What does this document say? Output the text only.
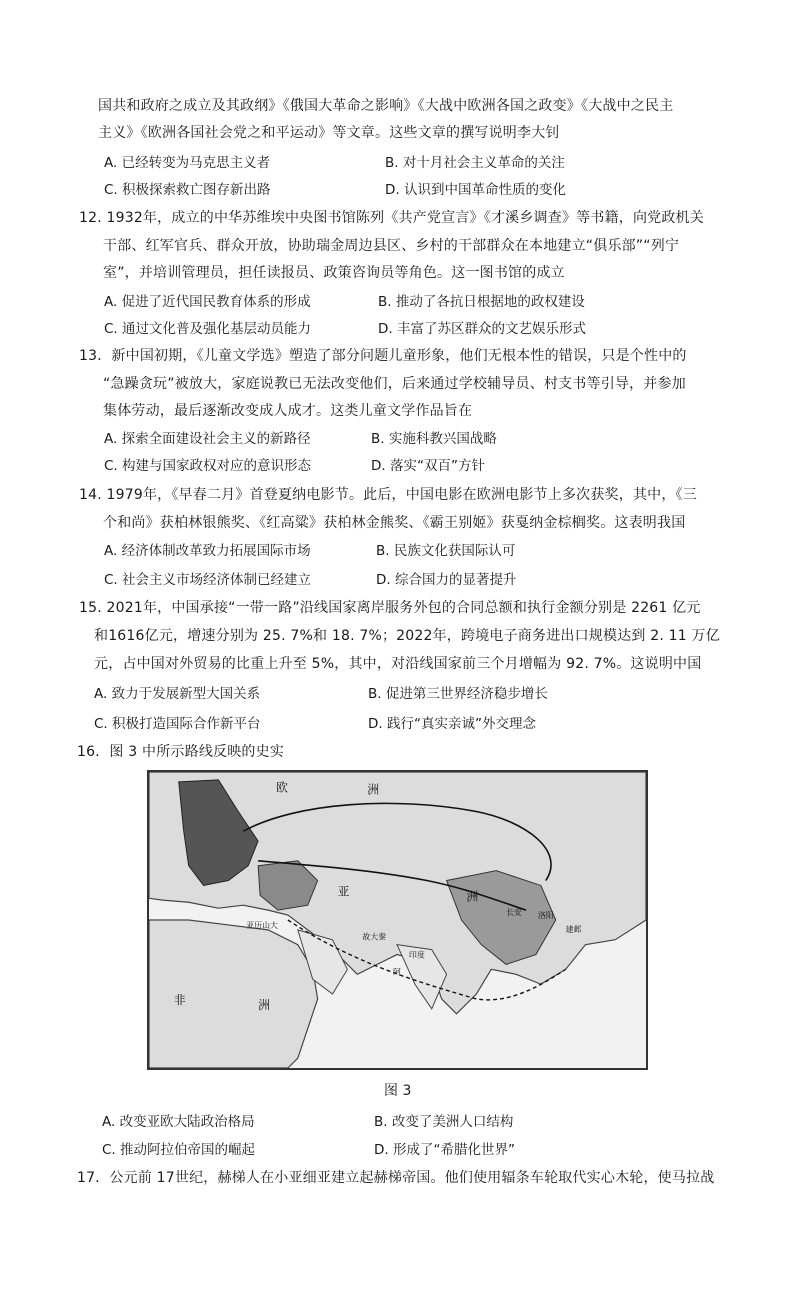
国共和政府之成立及其政纲》《俄国大革命之影响》《大战中欧洲各国之政变》《大战中之民主
主义》《欧洲各国社会党之和平运动》等文章。这些文章的撰写说明李大钊
A. 已经转变为马克思主义者	B. 对十月社会主义革命的关注
C. 积极探索救亡图存新出路	D. 认识到中国革命性质的变化
12. 1932年，成立的中华苏维埃中央图书馆陈列《共产党宣言》《才溪乡调查》等书籍，向党政机关
干部、红军官兵、群众开放，协助瑞金周边县区、乡村的干部群众在本地建立“俱乐部”“列宁
室”，并培训管理员，担任读报员、政策咨询员等角色。这一图书馆的成立
A. 促进了近代国民教育体系的形成	B. 推动了各抗日根据地的政权建设
C. 通过文化普及强化基层动员能力	D. 丰富了苏区群众的文艺娱乐形式
13．新中国初期，《儿童文学选》塑造了部分问题儿童形象，他们无根本性的错误，只是个性中的
“急躁贪玩”被放大，家庭说教已无法改变他们，后来通过学校辅导员、村支书等引导，并参加
集体劳动，最后逐渐改变成人成才。这类儿童文学作品旨在
A. 探索全面建设社会主义的新路径	B. 实施科教兴国战略
C. 构建与国家政权对应的意识形态	D. 落实“双百”方针
14. 1979年，《早春二月》首登夏纳电影节。此后，中国电影在欧洲电影节上多次获奖，其中，《三
个和尚》获柏林银熊奖、《红高粱》获柏林金熊奖、《霸王别姬》获戛纳金棕榈奖。这表明我国
A. 经济体制改革致力拓展国际市场	B. 民族文化获国际认可
C. 社会主义市场经济体制已经建立	D. 综合国力的显著提升
15. 2021年，中国承接“一带一路”沿线国家离岸服务外包的合同总额和执行金额分别是 2261 亿元
和1616亿元，增速分别为 25. 7%和 18. 7%；2022年，跨境电子商务进出口规模达到 2. 11 万亿
元，占中国对外贸易的比重上升至 5%，其中，对沿线国家前三个月增幅为 92. 7%。这说明中国
A. 致力于发展新型大国关系	B. 促进第三世界经济稳步增长
C. 积极打造国际合作新平台	D. 践行“真实亲诚”外交理念
16．图 3 中所示路线反映的史实
欧	洲
亚	洲
非	洲
印度
亚历山大
阿
长安 洛阳
故大秦
建邺
图 3
A. 改变亚欧大陆政治格局	B. 改变了美洲人口结构
C. 推动阿拉伯帝国的崛起	D. 形成了“希腊化世界”
17．公元前 17世纪，赫梯人在小亚细亚建立起赫梯帝国。他们使用辐条车轮取代实心木轮，使马拉战
